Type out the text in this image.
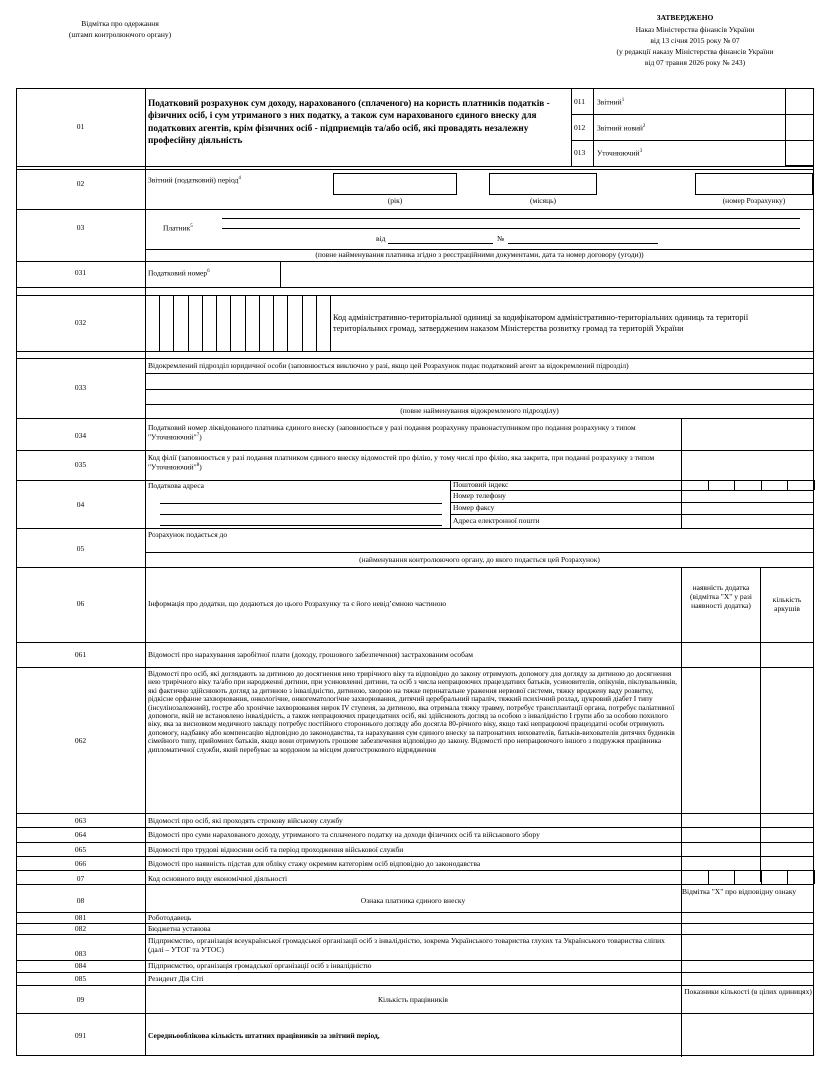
Відмітка про одержання
(штамп контролюючого органу)
ЗАТВЕРДЖЕНО
Наказ Міністерства фінансів України
від 13 січня 2015 року № 07
(у редакції наказу Міністерства фінансів України
від 07 травня 2026 року № 243)
01
Податковий розрахунок сум доходу, нарахованого (сплаченого) на користь платників податків - фізичних осіб, і сум утриманого з них податку, а також сум нарахованого єдиного внеску для податкових агентів, крім фізичних осіб - підприємців та/або осіб, які провадять незалежну професійну діяльність
011 Звітний$^1$
012 Звітний новий$^2$
013 Уточнюючий$^3$
02	Звітний (податковий) період$^4$
(рік)	(місяць)	(номер Розрахунку)
03	Платник$^5$
від	№
(повне найменування платника згідно з реєстраційними документами, дата та номер договору (угоди))
031	Податковий номер$^6$
032
Код адміністративно-територіальної одиниці за кодифікатором адміністративно-територіальних одиниць та території територіальних громад, затвердженим наказом Міністерства розвитку громад та територій України
033
Відокремлений підрозділ юридичної особи (заповнюється виключно у разі, якщо цей Розрахунок подає податковий агент за відокремлений підрозділ)
(повне найменування відокремленого підрозділу)
034
Податковий номер ліквідованого платника єдиного внеску (заповнюється у разі подання розрахунку правонаступником про подання розрахунку з типом "Уточнюючий"$^7$)
035
Код філії (заповнюється у разі подання платником єдиного внеску відомостей про філію, у тому числі про філію, яка закрита, при поданні розрахунку з типом "Уточнюючий"$^8$)
04
Податкова адреса	Поштовий індекс
Номер телефону
Номер факсу
Адреса електронної пошти
05
Розрахунок подається до
(найменування контролюючого органу, до якого подається цей Розрахунок)
06	Інформація про додатки, що додаються до цього Розрахунку та є його невід’ємною частиною
наявність додатка (відмітка "X" у разі наявності додатка)
кількість аркушів
061	Відомості про нарахування заробітної плати (доходу, грошового забезпечення) застрахованим особам
062
Відомості про осіб, які доглядають за дитиною до досягнення нею трирічного віку та відповідно до закону отримують допомогу для догляду за дитиною до досягнення нею трирічного віку та/або при народженні дитини, при усиновленні дитини, та осіб з числа непрацюючих працездатних батьків, усиновителів, опікунів, піклувальників, які фактично здійснюють догляд за дитиною з інвалідністю, дитиною, хворою на тяжке перинатальне ураження нервової системи, тяжку вроджену ваду розвитку, рідкісне орфанне захворювання, онкологічне, онкогематологічне захворювання, дитячий церебральний параліч, тяжкий психічний розлад, цукровий діабет I типу (інсулінозалежний), гостре або хронічне захворювання нирок IV ступеня, за дитиною, яка отримала тяжку травму, потребує трансплантації органа, потребує паліативної допомоги, якій не встановлено інвалідність, а також непрацюючих працездатних осіб, які здійснюють догляд за особою з інвалідністю I групи або за особою похилого віку, яка за висновком медичного закладу потребує постійного стороннього догляду або досягла 80-річного віку, якщо такі непрацюючі працездатні особи отримують допомогу, надбавку або компенсацію відповідно до законодавства, та нарахування сум єдиного внеску за патронатних вихователів, батьків-вихователів дитячих будинків сімейного типу, прийомних батьків, якщо вони отримують грошове забезпечення відповідно до закону. Відомості про непрацюючого іншого з подружжя працівника дипломатичної служби, який перебуває за кордоном за місцем довгострокового відрядження
063	Відомості про осіб, які проходять строкову військову службу
064	Відомості про суми нарахованого доходу, утриманого та сплаченого податку на доходи фізичних осіб та військового збору
065	Відомості про трудові відносини осіб та період проходження військової служби
066	Відомості про наявність підстав для обліку стажу окремим категоріям осіб відповідно до законодавства
07	Код основного виду економічної діяльності
08	Ознака платника єдиного внеску
Відмітка "X" про відповідну ознаку
081	Роботодавець
082	Бюджетна установа
083
Підприємство, організація всеукраїнської громадської організації осіб з інвалідністю, зокрема Українського товариства глухих та Українського товариства сліпих (далі – УТОГ та УТОС)
084	Підприємство, організація громадської організації осіб з інвалідністю
085	Резидент Дія Сіті
09	Кількість працівників
Показники кількості (в цілих одиницях)
091	Середньооблікова кількість штатних працівників за звітний період,
